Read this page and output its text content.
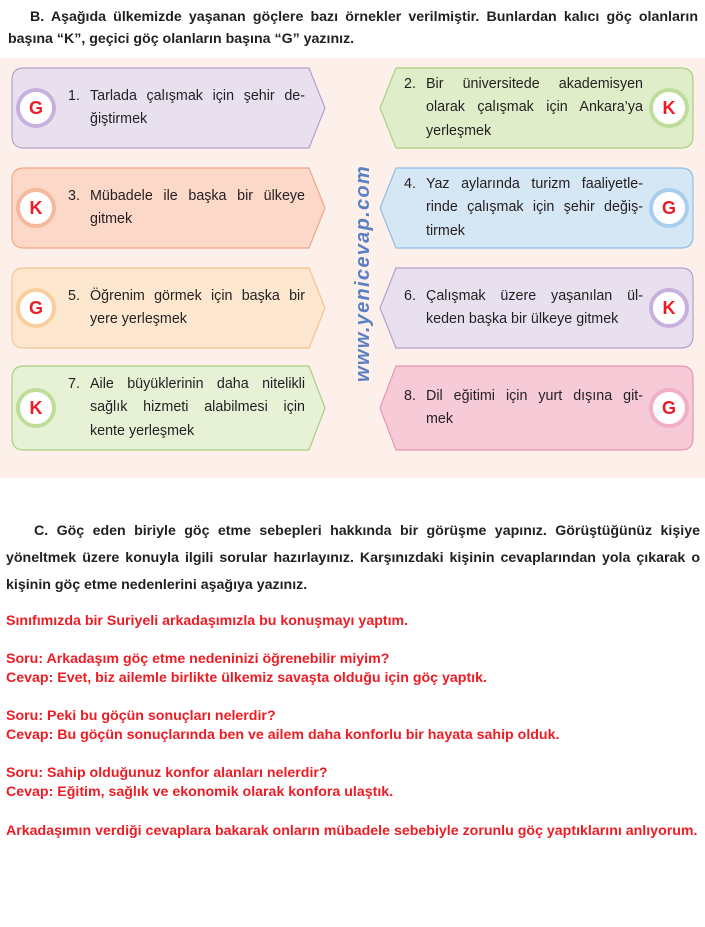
B. Aşağıda ülkemizde yaşanan göçlere bazı örnekler verilmiştir. Bunlardan kalıcı göç olanların başına “K”, geçici göç olanların başına “G” yazınız.
1. Tarlada çalışmak için şehir de-
ğiştirmek
G
2. Bir üniversitede akademisyen
olarak çalışmak için Ankara’ya
yerleşmek
K
3. Mübadele ile başka bir ülkeye
gitmek
K
4. Yaz aylarında turizm faaliyetle-
rinde çalışmak için şehir değiş-
tirmek
G
5. Öğrenim görmek için başka bir
yere yerleşmek
G
6. Çalışmak üzere yaşanılan ül-
keden başka bir ülkeye gitmek
K
7. Aile büyüklerinin daha nitelikli
sağlık hizmeti alabilmesi için
kente yerleşmek
K
8. Dil eğitimi için yurt dışına git-
mek
G
www.yenicevap.com
C. Göç eden biriyle göç etme sebepleri hakkında bir görüşme yapınız. Görüştüğünüz kişiye yöneltmek üzere konuyla ilgili sorular hazırlayınız. Karşınızdaki kişinin cevaplarından yola çıkarak o kişinin göç etme nedenlerini aşağıya yazınız.
Sınıfımızda bir Suriyeli arkadaşımızla bu konuşmayı yaptım.
Soru: Arkadaşım göç etme nedeninizi öğrenebilir miyim?
Cevap: Evet, biz ailemle birlikte ülkemiz savaşta olduğu için göç yaptık.
Soru: Peki bu göçün sonuçları nelerdir?
Cevap: Bu göçün sonuçlarında ben ve ailem daha konforlu bir hayata sahip olduk.
Soru: Sahip olduğunuz konfor alanları nelerdir?
Cevap: Eğitim, sağlık ve ekonomik olarak konfora ulaştık.
Arkadaşımın verdiği cevaplara bakarak onların mübadele sebebiyle zorunlu göç yaptıklarını anlıyorum.
